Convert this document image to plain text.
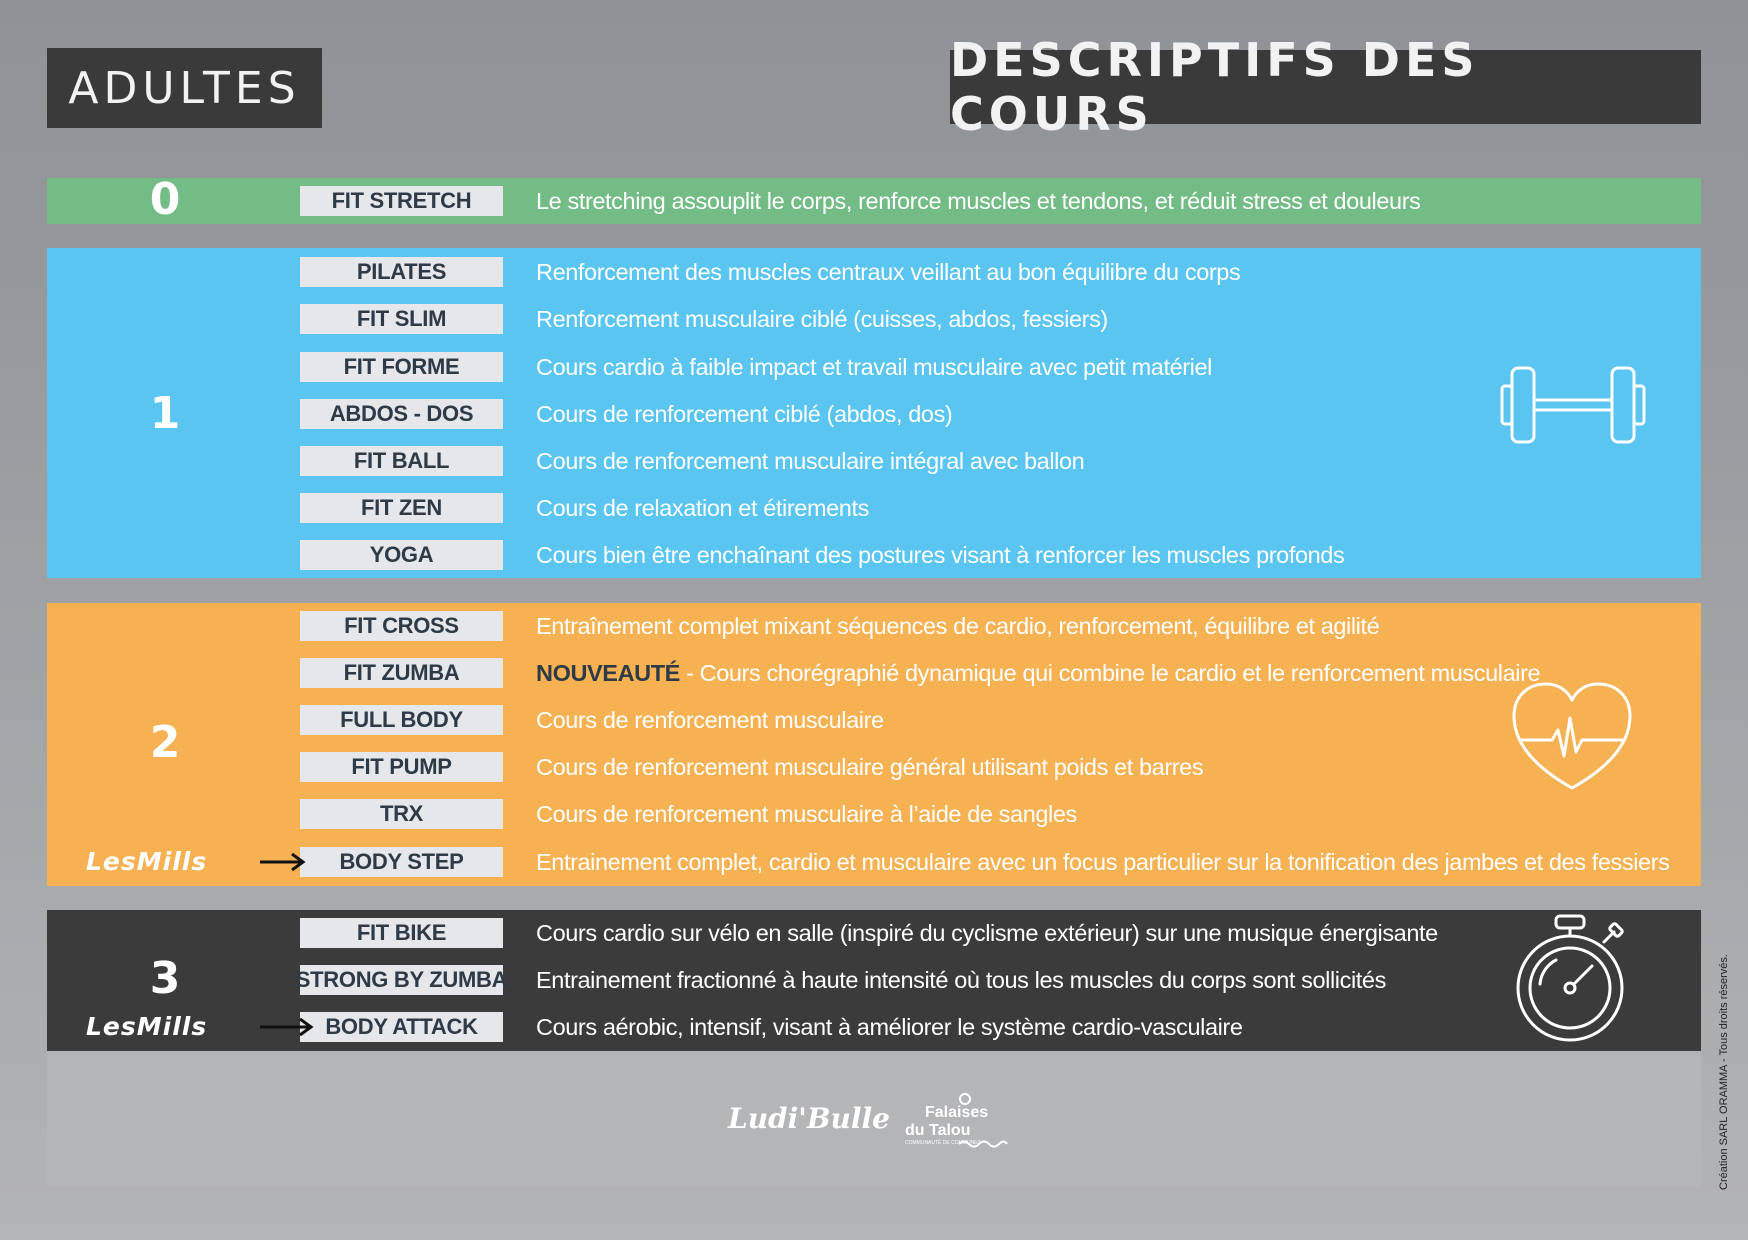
ADULTES
DESCRIPTIFS DES COURS
0
1
2
3
FIT STRETCH	Le stretching assouplit le corps, renforce muscles et tendons, et réduit stress et douleurs
PILATES	Renforcement des muscles centraux veillant au bon équilibre du corps
FIT SLIM	Renforcement musculaire ciblé (cuisses, abdos, fessiers)
FIT FORME	Cours cardio à faible impact et travail musculaire avec petit matériel
ABDOS - DOS	Cours de renforcement ciblé (abdos, dos)
FIT BALL	Cours de renforcement musculaire intégral avec ballon
FIT ZEN	Cours de relaxation et étirements
YOGA	Cours bien être enchaînant des postures visant à renforcer les muscles profonds
FIT CROSS	Entraînement complet mixant séquences de cardio, renforcement, équilibre et agilité
FIT ZUMBA	NOUVEAUTÉ - Cours chorégraphié dynamique qui combine le cardio et le renforcement musculaire
FULL BODY	Cours de renforcement musculaire
FIT PUMP	Cours de renforcement musculaire général utilisant poids et barres
TRX	Cours de renforcement musculaire à l’aide de sangles
BODY STEP	Entrainement complet, cardio et musculaire avec un focus particulier sur la tonification des jambes et des fessiers
FIT BIKE	Cours cardio sur vélo en salle (inspiré du cyclisme extérieur) sur une musique énergisante
STRONG BY ZUMBA Entrainement fractionné à haute intensité où tous les muscles du corps sont sollicités
BODY ATTACK	Cours aérobic, intensif, visant à améliorer le système cardio-vasculaire
LesMills
LesMills
Ludi'Bulle Falaises
du Talou
COMMUNAUTÉ DE COMMUNES	Création SARL ORAMMA - Tous droits réservés.
